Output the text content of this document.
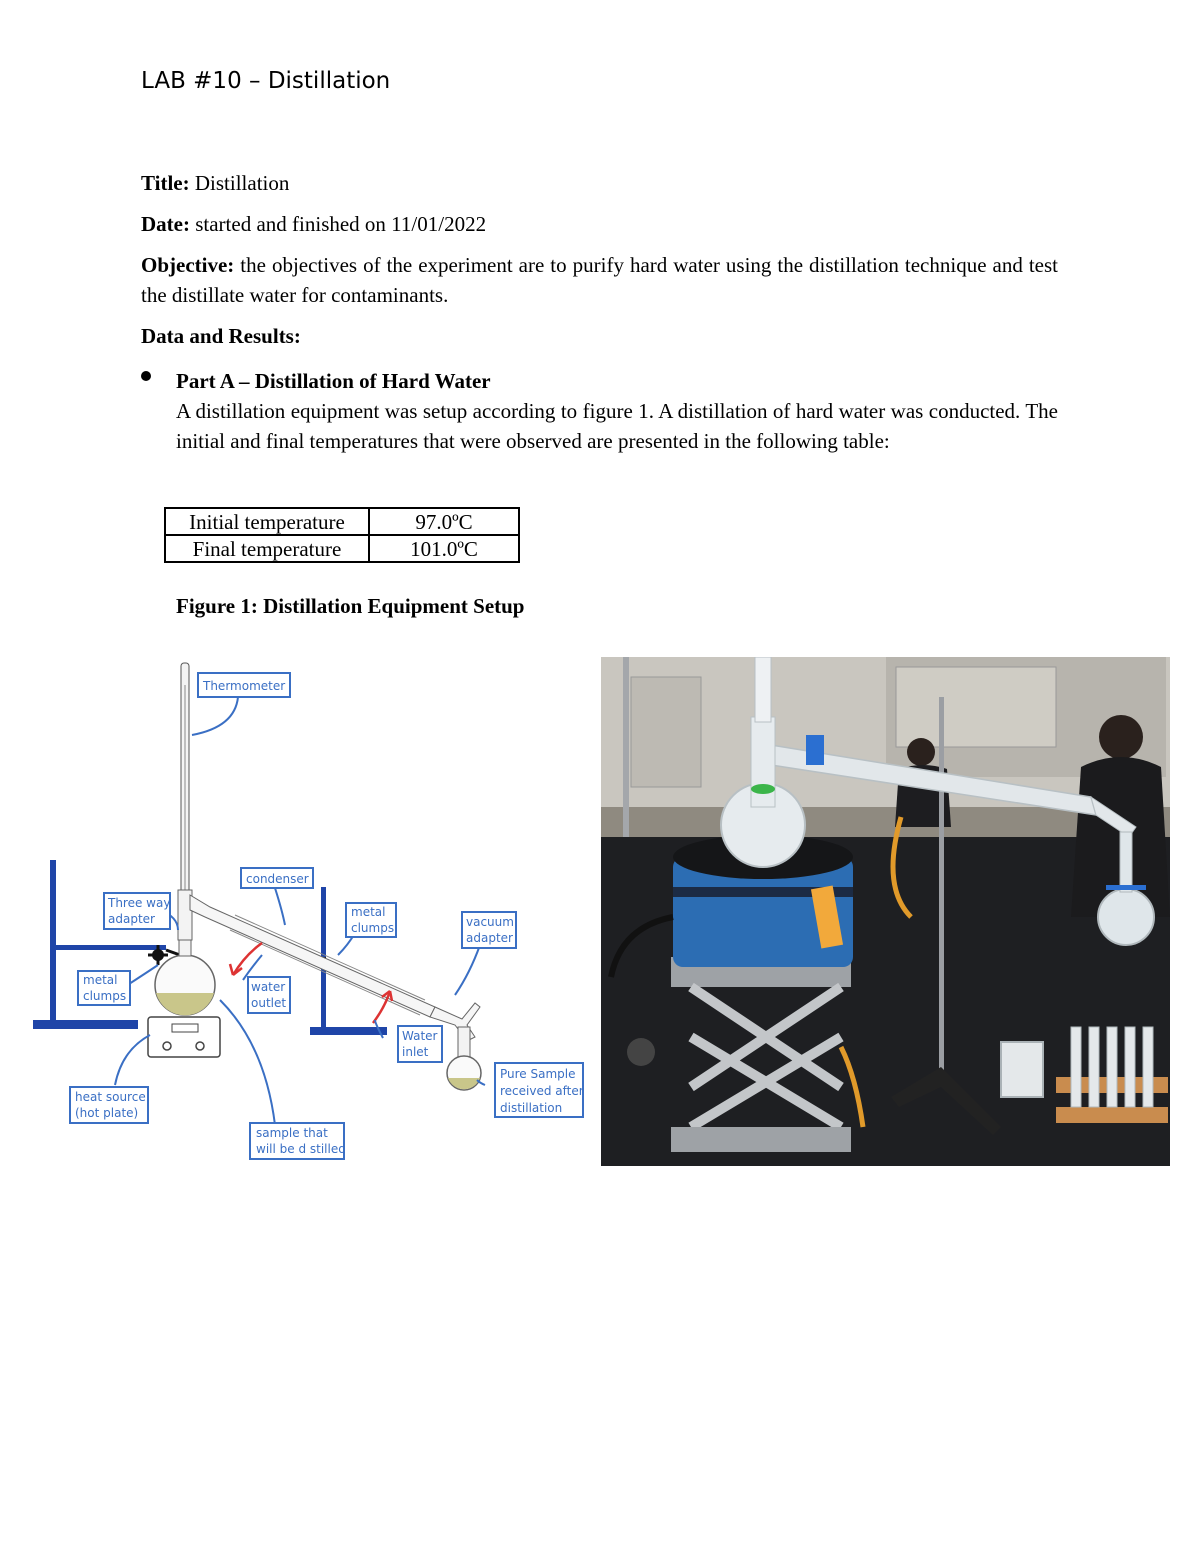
LAB #10 – Distillation
Title: Distillation
Date: started and finished on 11/01/2022
Objective: the objectives of the experiment are to purify hard water using the distillation technique and test the distillate water for contaminants.
Data and Results:
Part A – Distillation of Hard Water
A distillation equipment was setup according to figure 1. A distillation of hard water was conducted. The initial and final temperatures that were observed are presented in the following table:
Initial temperature	97.0ºC
Final temperature	101.0ºC
Figure 1: Distillation Equipment Setup
Thermometer
Three way
adapter
condenser
metal
clumps	vacuum
adapter
metal
clumps
water
outlet
Water
inlet
heat source
(hot plate)
Pure Sample
received after
distillation
sample that
will be d stilled
